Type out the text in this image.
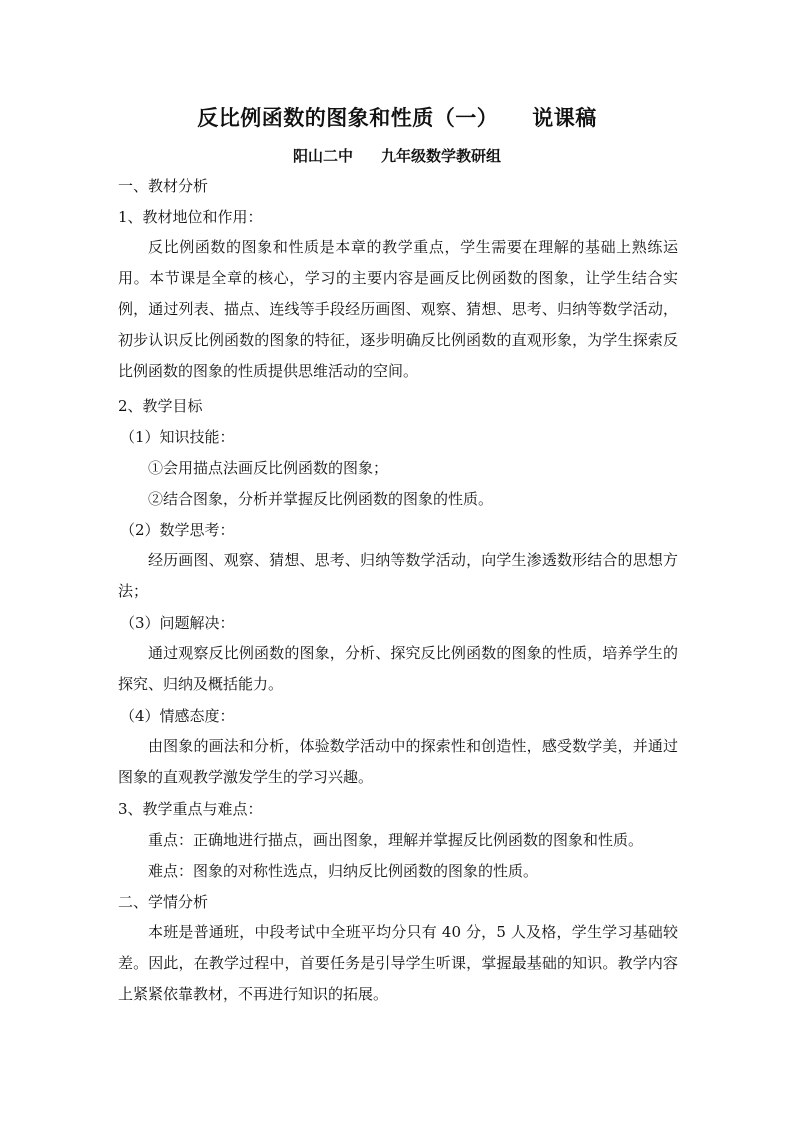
反比例函数的图象和性质（一） 说课稿
阳山二中 九年级数学教研组
一、教材分析
1、教材地位和作用：
反比例函数的图象和性质是本章的教学重点，学生需要在理解的基础上熟练运用。本节课是全章的核心，学习的主要内容是画反比例函数的图象，让学生结合实例，通过列表、描点、连线等手段经历画图、观察、猜想、思考、归纳等数学活动，初步认识反比例函数的图象的特征，逐步明确反比例函数的直观形象，为学生探索反比例函数的图象的性质提供思维活动的空间。
2、教学目标
（1）知识技能：
①会用描点法画反比例函数的图象；
②结合图象，分析并掌握反比例函数的图象的性质。
（2）数学思考：
经历画图、观察、猜想、思考、归纳等数学活动，向学生渗透数形结合的思想方法；
（3）问题解决：
通过观察反比例函数的图象，分析、探究反比例函数的图象的性质，培养学生的探究、归纳及概括能力。
（4）情感态度：
由图象的画法和分析，体验数学活动中的探索性和创造性，感受数学美，并通过图象的直观教学激发学生的学习兴趣。
3、教学重点与难点：
重点：正确地进行描点，画出图象，理解并掌握反比例函数的图象和性质。
难点：图象的对称性选点，归纳反比例函数的图象的性质。
二、学情分析
本班是普通班，中段考试中全班平均分只有 40 分，5 人及格，学生学习基础较差。因此，在教学过程中，首要任务是引导学生听课，掌握最基础的知识。教学内容上紧紧依靠教材，不再进行知识的拓展。
